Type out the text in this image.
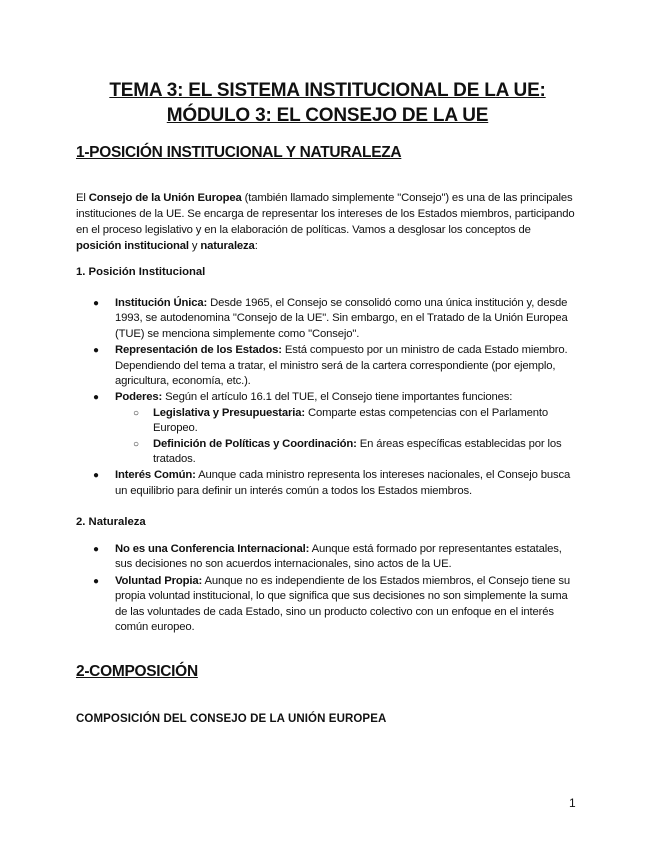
TEMA 3: EL SISTEMA INSTITUCIONAL DE LA UE:
MÓDULO 3: EL CONSEJO DE LA UE
1-POSICIÓN INSTITUCIONAL Y NATURALEZA
El Consejo de la Unión Europea (también llamado simplemente "Consejo") es una de las principales instituciones de la UE. Se encarga de representar los intereses de los Estados miembros, participando en el proceso legislativo y en la elaboración de políticas. Vamos a desglosar los conceptos de posición institucional y naturaleza:
1. Posición Institucional
● Institución Única: Desde 1965, el Consejo se consolidó como una única institución y, desde 1993, se autodenomina "Consejo de la UE". Sin embargo, en el Tratado de la Unión Europea (TUE) se menciona simplemente como "Consejo".
● Representación de los Estados: Está compuesto por un ministro de cada Estado miembro. Dependiendo del tema a tratar, el ministro será de la cartera correspondiente (por ejemplo, agricultura, economía, etc.).
● Poderes: Según el artículo 16.1 del TUE, el Consejo tiene importantes funciones:
○ Legislativa y Presupuestaria: Comparte estas competencias con el Parlamento Europeo.
○ Definición de Políticas y Coordinación: En áreas específicas establecidas por los tratados.
● Interés Común: Aunque cada ministro representa los intereses nacionales, el Consejo busca un equilibrio para definir un interés común a todos los Estados miembros.
2. Naturaleza
● No es una Conferencia Internacional: Aunque está formado por representantes estatales, sus decisiones no son acuerdos internacionales, sino actos de la UE.
● Voluntad Propia: Aunque no es independiente de los Estados miembros, el Consejo tiene su propia voluntad institucional, lo que significa que sus decisiones no son simplemente la suma de las voluntades de cada Estado, sino un producto colectivo con un enfoque en el interés común europeo.
2-COMPOSICIÓN
COMPOSICIÓN DEL CONSEJO DE LA UNIÓN EUROPEA
1
